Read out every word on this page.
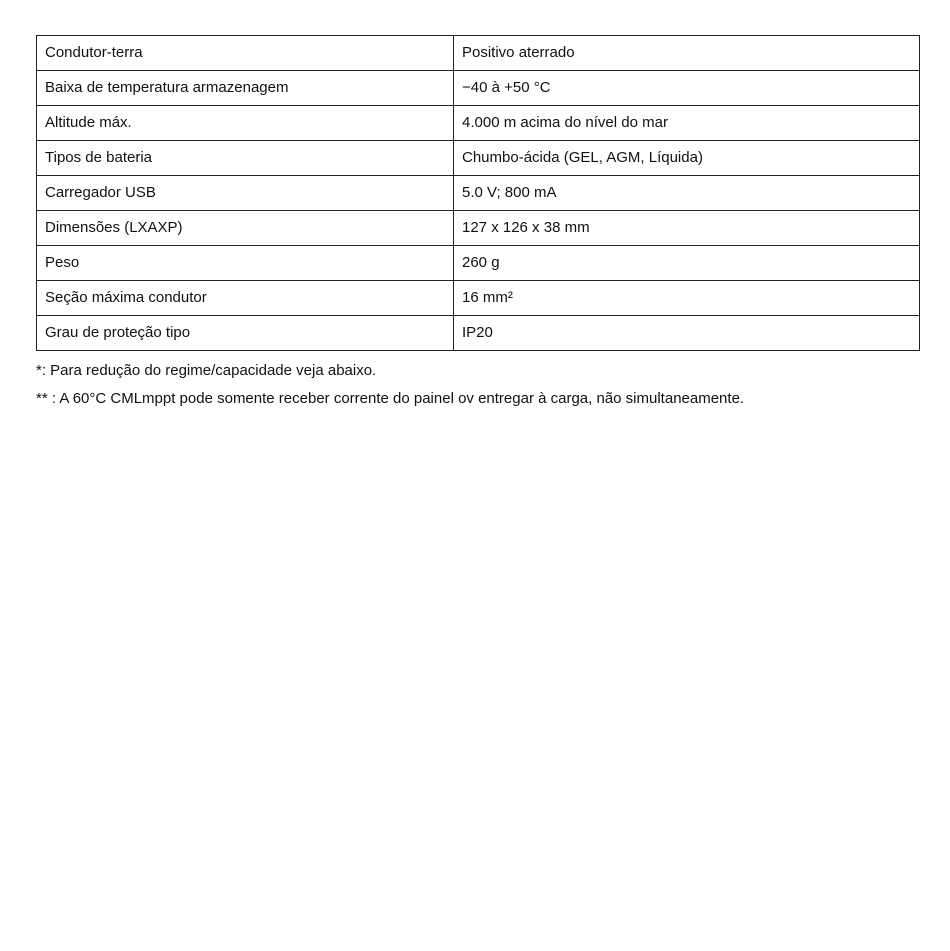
Condutor-terra	Positivo aterrado
Baixa de temperatura armazenagem	−40 à +50 °C
Altitude máx.	4.000 m acima do nível do mar
Tipos de bateria	Chumbo-ácida (GEL, AGM, Líquida)
Carregador USB	5.0 V; 800 mA
Dimensões (LXAXP)	127 x 126 x 38 mm
Peso	260 g
Seção máxima condutor	16 mm²
Grau de proteção tipo	IP20
*: Para redução do regime/capacidade veja abaixo.
** : A 60°C CMLmppt pode somente receber corrente do painel ov entregar à carga, não simultaneamente.
